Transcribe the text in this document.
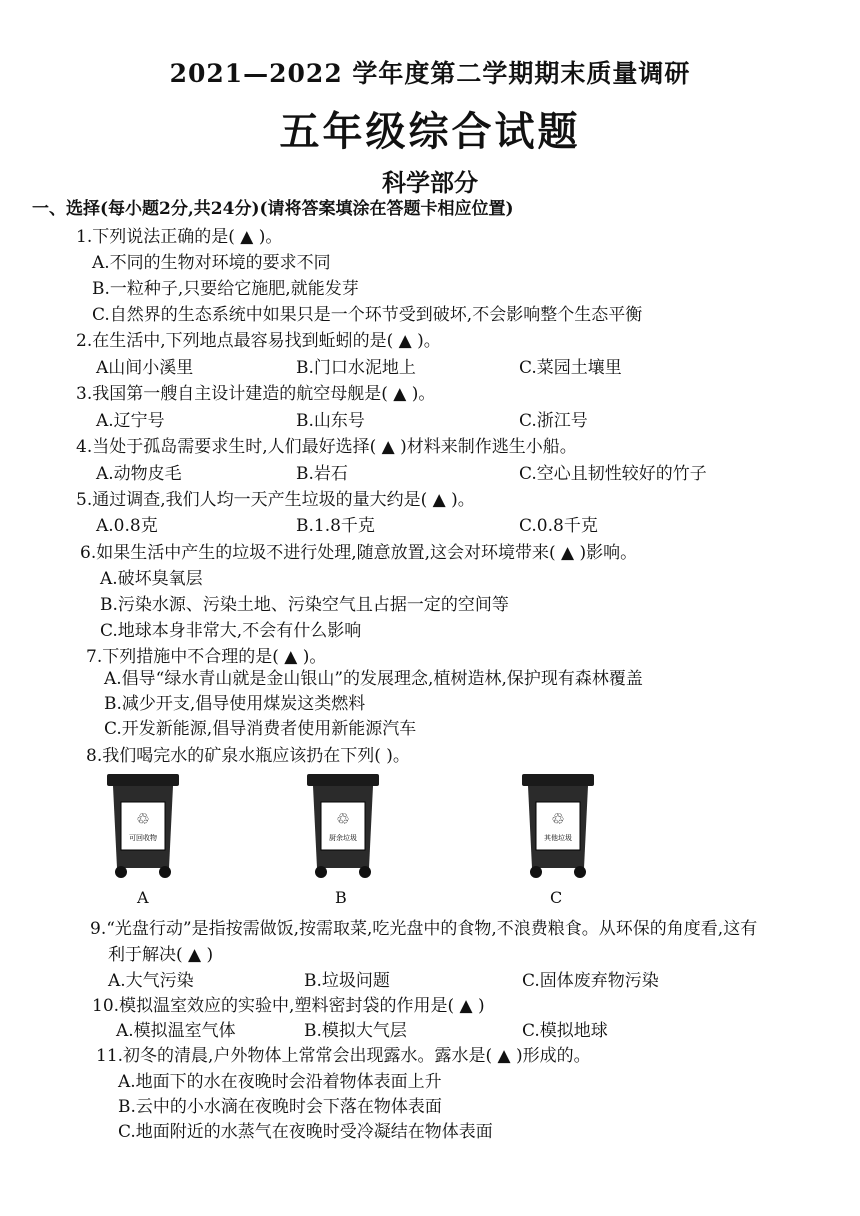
2021—2022 学年度第二学期期末质量调研
五年级综合试题
科学部分
一、选择(每小题2分,共24分)(请将答案填涂在答题卡相应位置)
1.下列说法正确的是( ▲ )。
A.不同的生物对环境的要求不同
B.一粒种子,只要给它施肥,就能发芽
C.自然界的生态系统中如果只是一个环节受到破坏,不会影响整个生态平衡
2.在生活中,下列地点最容易找到蚯蚓的是( ▲ )。
A山间小溪里	B.门口水泥地上	C.菜园土壤里
3.我国第一艘自主设计建造的航空母舰是( ▲ )。
A.辽宁号	B.山东号	C.浙江号
4.当处于孤岛需要求生时,人们最好选择( ▲ )材料来制作逃生小船。
A.动物皮毛	B.岩石	C.空心且韧性较好的竹子
5.通过调查,我们人均一天产生垃圾的量大约是( ▲ )。
A.0.8克	B.1.8千克	C.0.8千克
6.如果生活中产生的垃圾不进行处理,随意放置,这会对环境带来( ▲ )影响。
A.破坏臭氧层
B.污染水源、污染土地、污染空气且占据一定的空间等
C.地球本身非常大,不会有什么影响
7.下列措施中不合理的是( ▲ )。
A.倡导“绿水青山就是金山银山”的发展理念,植树造林,保护现有森林覆盖
B.减少开支,倡导使用煤炭这类燃料
C.开发新能源,倡导消费者使用新能源汽车
8.我们喝完水的矿泉水瓶应该扔在下列( )。
♲
可回收物
A
♲
厨余垃圾
B
♲
其他垃圾
C
9.“光盘行动”是指按需做饭,按需取菜,吃光盘中的食物,不浪费粮食。从环保的角度看,这有
利于解决( ▲ )
A.大气污染	B.垃圾问题	C.固体废弃物污染
10.模拟温室效应的实验中,塑料密封袋的作用是( ▲ )
A.模拟温室气体	B.模拟大气层	C.模拟地球
11.初冬的清晨,户外物体上常常会出现露水。露水是( ▲ )形成的。
A.地面下的水在夜晚时会沿着物体表面上升
B.云中的小水滴在夜晚时会下落在物体表面
C.地面附近的水蒸气在夜晚时受冷凝结在物体表面
